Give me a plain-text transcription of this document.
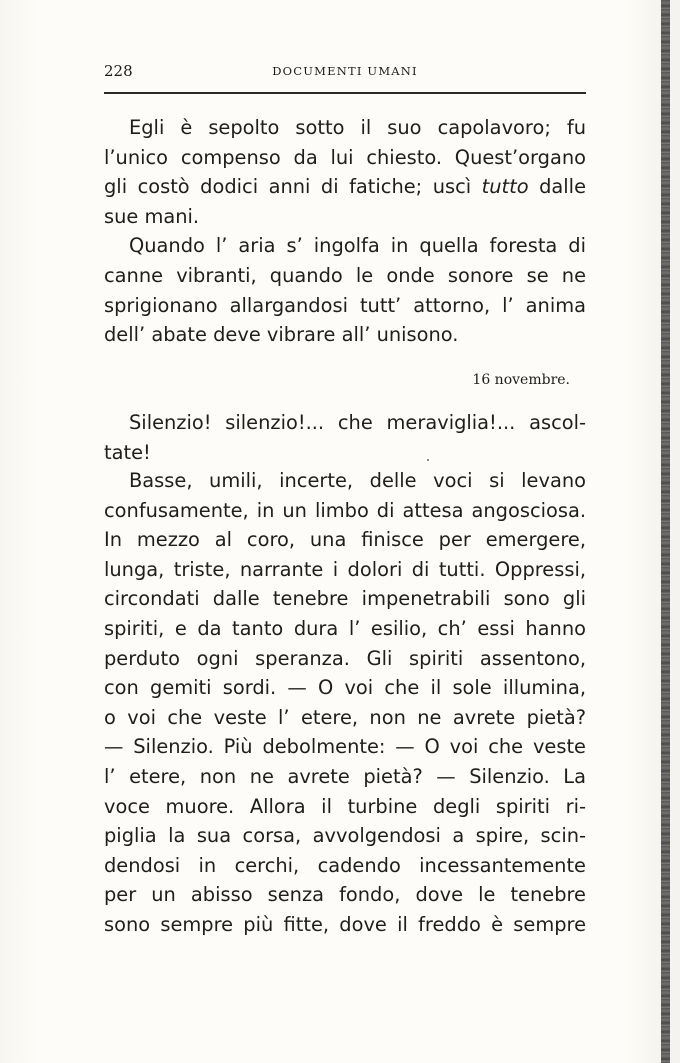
228	DOCUMENTI UMANI
Egli è sepolto sotto il suo capolavoro; fu
l’unico compenso da lui chiesto. Quest’organo
gli costò dodici anni di fatiche; uscì tutto dalle
sue mani.
Quando l’ aria s’ ingolfa in quella foresta di
canne vibranti, quando le onde sonore se ne
sprigionano allargandosi tutt’ attorno, l’ anima
dell’ abate deve vibrare all’ unisono.
16 novembre.
Silenzio! silenzio!... che meraviglia!... ascol-
tate!
Basse, umili, incerte, delle voci si levano
confusamente, in un limbo di attesa angosciosa.
In mezzo al coro, una finisce per emergere,
lunga, triste, narrante i dolori di tutti. Oppressi,
circondati dalle tenebre impenetrabili sono gli
spiriti, e da tanto dura l’ esilio, ch’ essi hanno
perduto ogni speranza. Gli spiriti assentono,
con gemiti sordi. — O voi che il sole illumina,
o voi che veste l’ etere, non ne avrete pietà?
— Silenzio. Più debolmente: — O voi che veste
l’ etere, non ne avrete pietà? — Silenzio. La
voce muore. Allora il turbine degli spiriti ri-
piglia la sua corsa, avvolgendosi a spire, scin-
dendosi in cerchi, cadendo incessantemente
per un abisso senza fondo, dove le tenebre
sono sempre più fitte, dove il freddo è sempre
